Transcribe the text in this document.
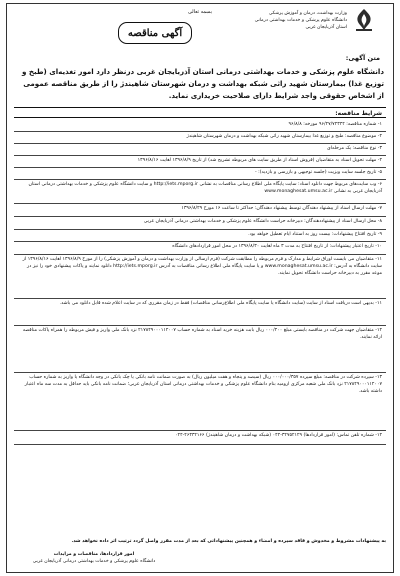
بسمه تعالی	وزارت بهداشت، درمان و آموزش پزشکی
دانشگاه علوم پزشکی و خدمات بهداشتی درمانی
استان آذربایجان غربی
آگهی مناقصه
متن آگهی:
دانشگاه علوم پزشکی و خدمات بهداشتی درمانی استان آذربایجان غربی درنظر دارد امور تغذیه‌ای (طبخ و توزیع غذا) بیمارستان شهید راثی شبکه بهداشت و درمان شهرستان شاهیندژ را از طریق مناقصه عمومی از اشخاص حقوقی واجد شرایط دارای صلاحیت خریداری نماید.
شرایط مناقصه:
۱- شماره مناقصه: ۹۶/۴۷/۷۴۳۴۴ مورخه: ۹۶/۸/۸
۲- موضوع مناقصه: طبخ و توزیع غذا بیمارستان شهید راثی شبکه بهداشت و درمان شهرستان شاهیندژ
۳- نوع مناقصه: یک مرحله‌ای
۴- مهلت تحویل اسناد به متقاضیان (فروش اسناد از طریق سایت های مربوطه تشریح شد) از تاریخ ۱۳۹۶/۸/۹ لغایت ۱۳۹۶/۸/۱۶
۵- تاریخ جلسه سایت ویزیت (جلسه توجیهی و بازرسی و بازدید): -
۶- وب سایت‌های مربوط جهت دانلود اسناد: سایت پایگاه ملی اطلاع رسانی مناقصات به نشانی http://iets.mporg.ir و سایت دانشگاه علوم پزشکی و خدمات بهداشتی درمانی استان آذربایجان غربی به نشانی www.monaghesat.umsu.ac.ir
۷- مهلت ارسال اسناد از پیشنهاد دهندگان توسط پیشنهاد دهندگان: حداکثر تا ساعت ۱۶ مورخ ۱۳۹۶/۸/۲۹
۸- محل ارسال اسناد از پیشنهاددهندگان: دبیرخانه حراست دانشگاه علوم پزشکی و خدمات بهداشتی درمانی آذربایجان غربی
۹- تاریخ افتتاح پیشنهادات: بیست روز به استناد ایام تعطیل خواهد بود.
۱۰- تاریخ اعتبار پیشنهادات: از تاریخ افتتاح به مدت ۳ ماه لغایت ۱۳۹۶/۸/۳۰ در محل امور قراردادهای دانشگاه
۱۱- متقاضیان می بایست اوراق شرایط و مدارک و فرم مربوطه را مطابقت شرکت (فرم ارسالی از وزارت بهداشت و درمان و آموزش پزشکی) را از مورخ ۱۳۹۶/۸/۹ لغایت ۱۳۹۶/۸/۱۶ از سایت دانشگاه به آدرس: www.monaghesat.umsu.ac.ir و یا سایت پایگاه ملی اطلاع رسانی مناقصات به آدرس http://iets.mporg.ir دانلود نمایند و پاکات پیشنهادی خود را نیز در موعد مقرر به دبیرخانه حراست دانشگاه تحویل نمایند.
۱۱- بدیهی است دریافت اسناد از سایت (سایت دانشگاه یا سایت پایگاه ملی اطلاع‌رسانی مناقصات) فقط در زمان مقرری که در سایت اعلام شده قابل دانلود می باشد.
۱۲- متقاضیان جهت شرکت در مناقصه بایستی مبلغ ۰۰۰/۲۰۰ ریال بابت هزینه خرید اسناد به شماره حساب ۲۱۷۸۴۹۰۰۰۱۱۲۰۰۷ نزد بانک ملی واریز و فیش مربوطه را همراه پاکات مناقصه ارائه نمایند.
۱۳- سپرده شرکت در مناقصه: مبلغ سپرده ۰۰۰/۰۰۰/۳۵۷ ریال (سیصد و پنجاه و هفت میلیون ریال) به صورت ضمانت نامه بانکی یا چک بانکی در وجه دانشگاه یا واریز به شماره حساب ۲۱۷۸۴۹۰۰۰۱۱۲۰۰۷ نزد بانک ملی شعبه مرکزی ارومیه بنام دانشگاه علوم پزشکی و خدمات بهداشتی درمانی استان آذربایجان غربی؛ ضمانت نامه بانکی باید حداقل به مدت سه ماه اعتبار داشته باشد.
۱۴- شماره تلفن تماس: (امور قراردادها) ۳۲۷۵۲۱۲۹-۰۴۴ (شبکه بهداشت و درمان شاهیندژ) ۴۶۳۳۲۱۶۶-۰۴۴
به پیشنهادات مشروط و مخدوش و فاقد سپرده و امضاء و همچنین پیشنهاداتی که بعد از مدت مقرر واصل گردد ترتیب اثر داده نخواهد شد.
امور قراردادها، مناقصات و مزایدات
دانشگاه علوم پزشکی و خدمات بهداشتی درمانی آذربایجان غربی
